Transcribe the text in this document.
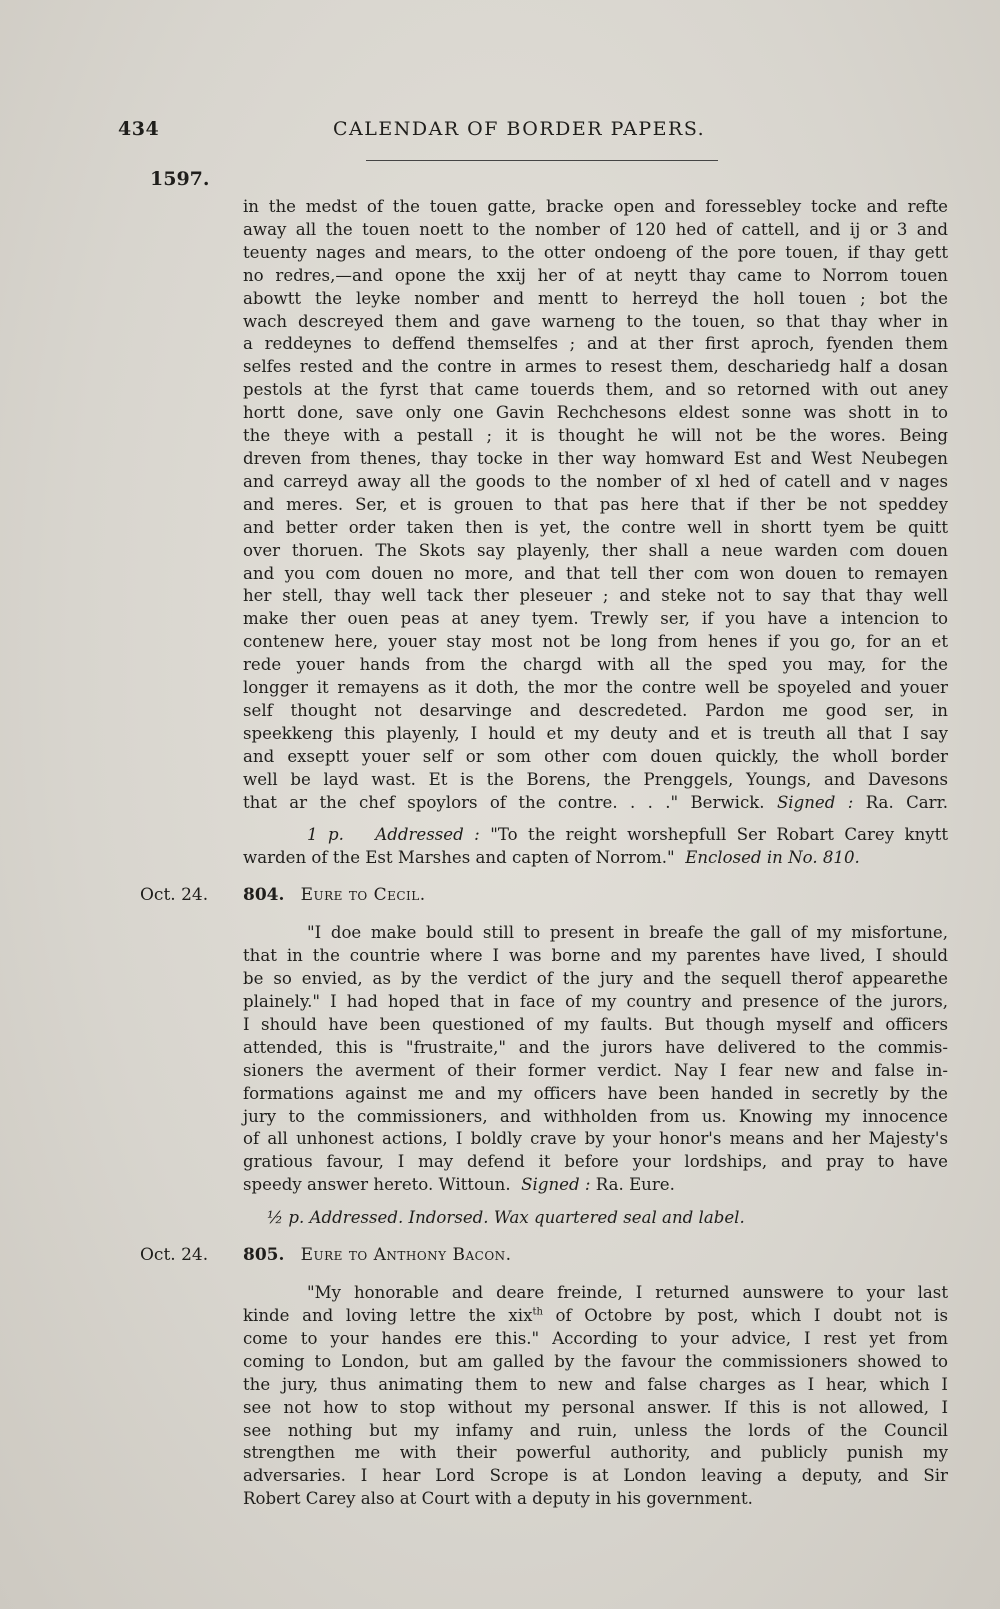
434	CALENDAR OF BORDER PAPERS.
1597.

in the medst of the touen gatte, bracke open and foressebley tocke and refte
away all the touen noett to the nomber of 120 hed of cattell, and ij or 3 and
teuenty nages and mears, to the otter ondoeng of the pore touen, if thay gett
no redres,—and opone the xxij her of at neytt thay came to Norrom touen
abowtt the leyke nomber and mentt to herreyd the holl touen ; bot the
wach descreyed them and gave warneng to the touen, so that thay wher in
a reddeynes to deffend themselfes ; and at ther first aproch, fyenden them
selfes rested and the contre in armes to resest them, deschariedg half a dosan
pestols at the fyrst that came touerds them, and so retorned with out aney
hortt done, save only one Gavin Rechchesons eldest sonne was shott in to
the theye with a pestall ; it is thought he will not be the wores. Being
dreven from thenes, thay tocke in ther way homward Est and West Neubegen
and carreyd away all the goods to the nomber of xl hed of catell and v nages
and meres. Ser, et is grouen to that pas here that if ther be not speddey
and better order taken then is yet, the contre well in shortt tyem be quitt
over thoruen. The Skots say playenly, ther shall a neue warden com douen
and you com douen no more, and that tell ther com won douen to remayen
her stell, thay well tack ther pleseuer ; and steke not to say that thay well
make ther ouen peas at aney tyem. Trewly ser, if you have a intencion to
contenew here, youer stay most not be long from henes if you go, for an et
rede youer hands from the chargd with all the sped you may, for the
longger it remayens as it doth, the mor the contre well be spoyeled and youer
self thought not desarvinge and descredeted. Pardon me good ser, in
speekkeng this playenly, I hould et my deuty and et is treuth all that I say
and exseptt youer self or som other com douen quickly, the wholl border
well be layd wast. Et is the Borens, the Prenggels, Youngs, and Davesons
that ar the chef spoylors of the contre. . . ." Berwick. Signed : Ra. Carr.

1 p. Addressed : "To the reight worshepfull Ser Robart Carey knytt

warden of the Est Marshes and capten of Norrom." Enclosed in No. 810.

Oct. 24. 804. Eure to Cecil.

"I doe make bould still to present in breafe the gall of my misfortune,
that in the countrie where I was borne and my parentes have lived, I should
be so envied, as by the verdict of the jury and the sequell therof appearethe
plainely." I had hoped that in face of my country and presence of the jurors,
I should have been questioned of my faults. But though myself and officers
attended, this is "frustraite," and the jurors have delivered to the commis-
sioners the averment of their former verdict. Nay I fear new and false in-
formations against me and my officers have been handed in secretly by the
jury to the commissioners, and withholden from us. Knowing my innocence
of all unhonest actions, I boldly crave by your honor's means and her Majesty's
gratious favour, I may defend it before your lordships, and pray to have
speedy answer hereto. Wittoun. Signed : Ra. Eure.

½ p. Addressed. Indorsed. Wax quartered seal and label.

Oct. 24. 805. Eure to Anthony Bacon.

"My honorable and deare freinde, I returned aunswere to your last
kinde and loving lettre the xix$^{th}$ of Octobre by post, which I doubt not is
come to your handes ere this." According to your advice, I rest yet from
coming to London, but am galled by the favour the commissioners showed to
the jury, thus animating them to new and false charges as I hear, which I
see not how to stop without my personal answer. If this is not allowed, I
see nothing but my infamy and ruin, unless the lords of the Council
strengthen me with their powerful authority, and publicly punish my
adversaries. I hear Lord Scrope is at London leaving a deputy, and Sir
Robert Carey also at Court with a deputy in his government.
